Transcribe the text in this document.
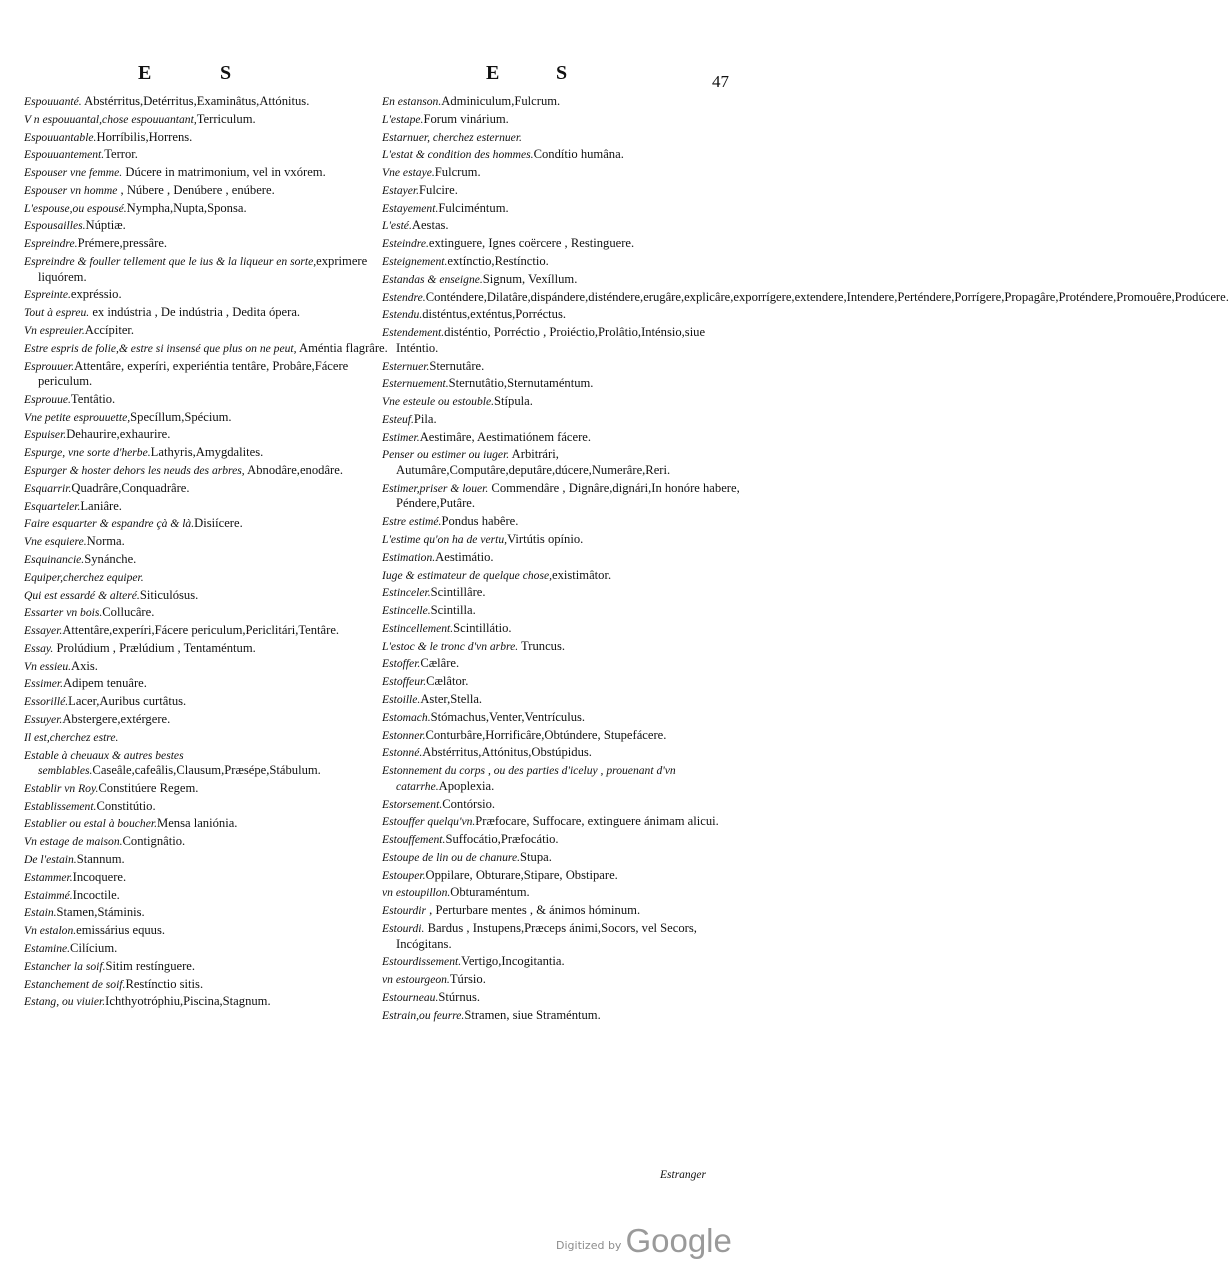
E	S	E	S	47
Espouuanté. Abstérritus,Detérritus,Examinâtus,Attónitus.
V n espouuantal,chose espouuantant,Terriculum.
Espouuantable.Horríbilis,Horrens.
Espouuantement.Terror.
Espouser vne femme. Dúcere in matrimonium, vel in vxórem.
Espouser vn homme , Núbere , Denúbere , enúbere.
L'espouse,ou espousé.Nympha,Nupta,Sponsa.
Espousailles.Núptiæ.
Espreindre.Prémere,pressâre.
Espreindre & fouller tellement que le ius & la liqueur en sorte,exprimere liquórem.
Espreinte.expréssio.
Tout à espreu. ex indústria , De indústria , Dedita ópera.
Vn espreuier.Accípiter.
Estre espris de folie,& estre si insensé que plus on ne peut, Améntia flagrâre.
Esprouuer.Attentâre, experíri, experiéntia tentâre, Probâre,Fácere periculum.
Esprouue.Tentâtio.
Vne petite esprouuette,Specíllum,Spécium.
Espuiser.Dehaurire,exhaurire.
Espurge, vne sorte d'herbe.Lathyris,Amygdalites.
Espurger & hoster dehors les neuds des arbres, Abnodâre,enodâre.
Esquarrir.Quadrâre,Conquadrâre.
Esquarteler.Laniâre.
Faire esquarter & espandre çà & là.Disiícere.
Vne esquiere.Norma.
Esquinancie.Synánche.
Equiper,cherchez equiper.
Qui est essardé & alteré.Siticulósus.
Essarter vn bois.Collucâre.
Essayer.Attentâre,experíri,Fácere periculum,Periclitári,Tentâre.
Essay. Prolúdium , Prælúdium , Tentaméntum.
Vn essieu.Axis.
Essimer.Adipem tenuâre.
Essorillé.Lacer,Auribus curtâtus.
Essuyer.Abstergere,extérgere.
Il est,cherchez estre.
Estable à cheuaux & autres bestes semblables.Caseâle,cafeâlis,Clausum,Præsépe,Stábulum.
Establir vn Roy.Constitúere Regem.
Establissement.Constitútio.
Establier ou estal à boucher.Mensa laniónia.
Vn estage de maison.Contignâtio.
De l'estain.Stannum.
Estammer.Incoquere.
Estaimmé.Incoctile.
Estain.Stamen,Stáminis.
Vn estalon.emissárius equus.
Estamine.Cilícium.
Estancher la soif.Sitim restínguere.
Estanchement de soif.Restínctio sitis.
Estang, ou viuier.Ichthyotróphiu,Piscina,Stagnum.
En estanson.Adminiculum,Fulcrum.
L'estape.Forum vinárium.
Estarnuer, cherchez esternuer.
L'estat & condition des hommes.Condítio humâna.
Vne estaye.Fulcrum.
Estayer.Fulcire.
Estayement.Fulciméntum.
L'esté.Aestas.
Esteindre.extinguere, Ignes coërcere , Restinguere.
Esteignement.extínctio,Restínctio.
Estandas & enseigne.Signum, Vexíllum.
Estendre.Conténdere,Dilatâre,dispándere,disténdere,erugâre,explicâre,exporrígere,extendere,Intendere,Perténdere,Porrígere,Propagâre,Proténdere,Promouêre,Prodúcere.
Estendu.disténtus,exténtus,Porréctus.
Estendement.disténtio, Porréctio , Proiéctio,Prolâtio,Inténsio,siue Inténtio.
Esternuer.Sternutâre.
Esternuement.Sternutâtio,Sternutaméntum.
Vne esteule ou estouble.Stípula.
Esteuf.Pila.
Estimer.Aestimâre, Aestimatiónem fácere.
Penser ou estimer ou iuger. Arbitrári, Autumâre,Computâre,deputâre,dúcere,Numerâre,Reri.
Estimer,priser & louer. Commendâre , Dignâre,dignári,In honóre habere, Péndere,Putâre.
Estre estimé.Pondus habêre.
L'estime qu'on ha de vertu,Virtútis opínio.
Estimation.Aestimátio.
Iuge & estimateur de quelque chose,existimâtor.
Estinceler.Scintillâre.
Estincelle.Scintilla.
Estincellement.Scintillátio.
L'estoc & le tronc d'vn arbre. Truncus.
Estoffer.Cælâre.
Estoffeur.Cælâtor.
Estoille.Aster,Stella.
Estomach.Stómachus,Venter,Ventrículus.
Estonner.Conturbâre,Horrificâre,Obtúndere, Stupefácere.
Estonné.Abstérritus,Attónitus,Obstúpidus.
Estonnement du corps , ou des parties d'iceluy , prouenant d'vn catarrhe.Apoplexia.
Estorsement.Contórsio.
Estouffer quelqu'vn.Præfocare, Suffocare, extinguere ánimam alicui.
Estouffement.Suffocátio,Præfocátio.
Estoupe de lin ou de chanure.Stupa.
Estouper.Oppilare, Obturare,Stipare, Obstipare.
vn estoupillon.Obturaméntum.
Estourdir , Perturbare mentes , & ánimos hóminum.
Estourdi. Bardus , Instupens,Præceps ánimi,Socors, vel Secors, Incógitans.
Estourdissement.Vertigo,Incogitantia.
vn estourgeon.Túrsio.
Estourneau.Stúrnus.
Estrain,ou feurre.Stramen, siue Straméntum.
Estranger
Digitized by Google
